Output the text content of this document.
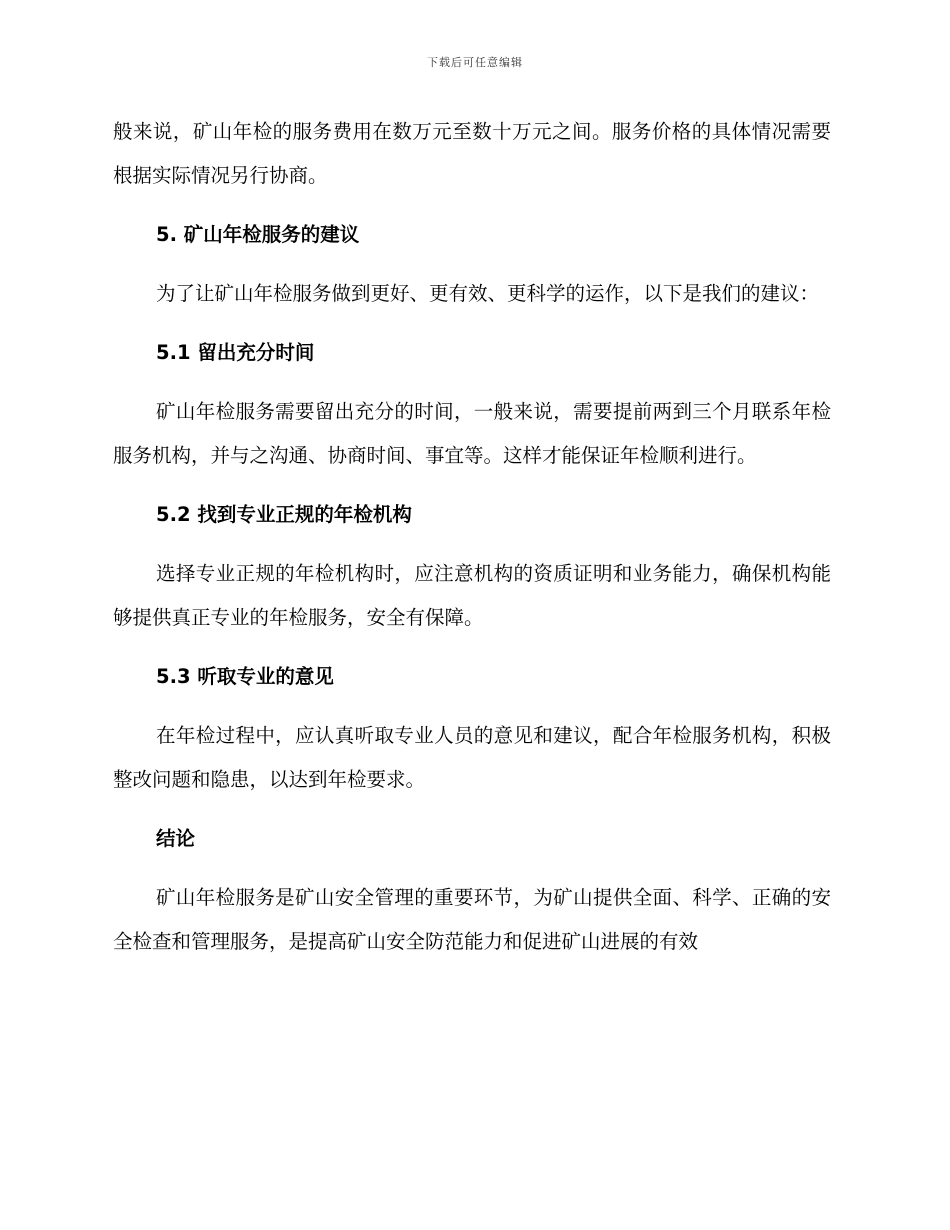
下载后可任意编辑

般来说，矿山年检的服务费用在数万元至数十万元之间。服务价格的具体情况需要根据实际情况另行协商。

5. 矿山年检服务的建议

为了让矿山年检服务做到更好、更有效、更科学的运作，以下是我们的建议：

5.1 留出充分时间

矿山年检服务需要留出充分的时间，一般来说，需要提前两到三个月联系年检服务机构，并与之沟通、协商时间、事宜等。这样才能保证年检顺利进行。

5.2 找到专业正规的年检机构

选择专业正规的年检机构时，应注意机构的资质证明和业务能力，确保机构能够提供真正专业的年检服务，安全有保障。

5.3 听取专业的意见

在年检过程中，应认真听取专业人员的意见和建议，配合年检服务机构，积极整改问题和隐患，以达到年检要求。

结论

矿山年检服务是矿山安全管理的重要环节，为矿山提供全面、科学、正确的安全检查和管理服务，是提高矿山安全防范能力和促进矿山进展的有效
